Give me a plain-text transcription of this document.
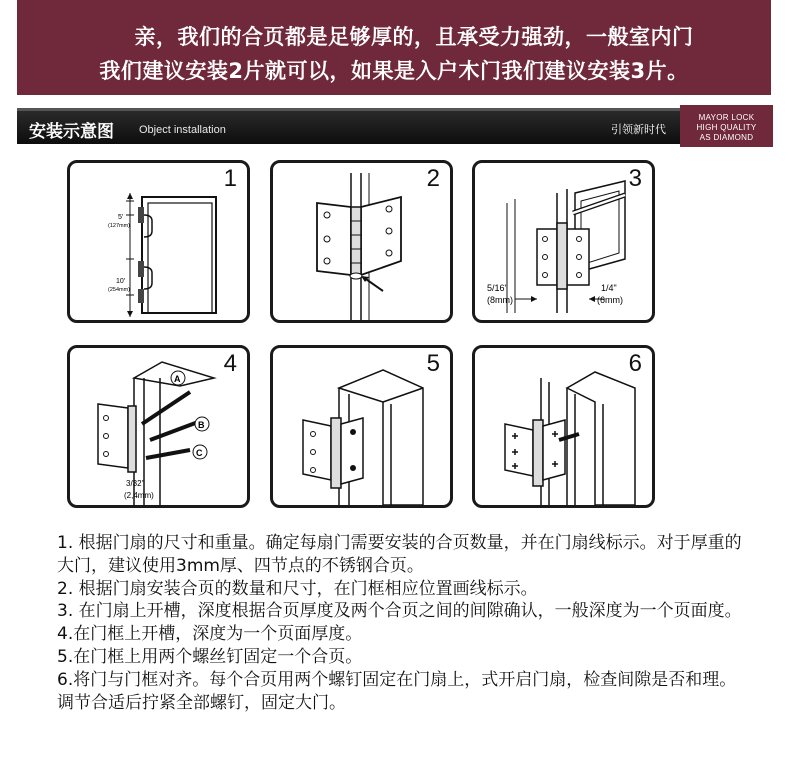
亲，我们的合页都是足够厚的，且承受力强劲，一般室内门
我们建议安装2片就可以，如果是入户木门我们建议安装3片。
安装示意图 Object installation	引领新时代
MAYOR LOCK
HIGH QUALITY
AS DIAMOND
1
5'
(127mm)
10'
(254mm)
2	3
5/16"
(8mm)
1/4"
(6mm)
4
A
B
C
3/32"
(2,4mm)
5	6

1. 根据门扇的尺寸和重量。确定每扇门需要安装的合页数量，并在门扇线标示。对于厚重的大门，建议使用3mm厚、四节点的不锈钢合页。

2. 根据门扇安装合页的数量和尺寸，在门框相应位置画线标示。

3. 在门扇上开槽，深度根据合页厚度及两个合页之间的间隙确认，一般深度为一个页面度。

4.在门框上开槽，深度为一个页面厚度。

5.在门框上用两个螺丝钉固定一个合页。

6.将门与门框对齐。每个合页用两个螺钉固定在门扇上，式开启门扇，检查间隙是否和理。调节合适后拧紧全部螺钉，固定大门。
